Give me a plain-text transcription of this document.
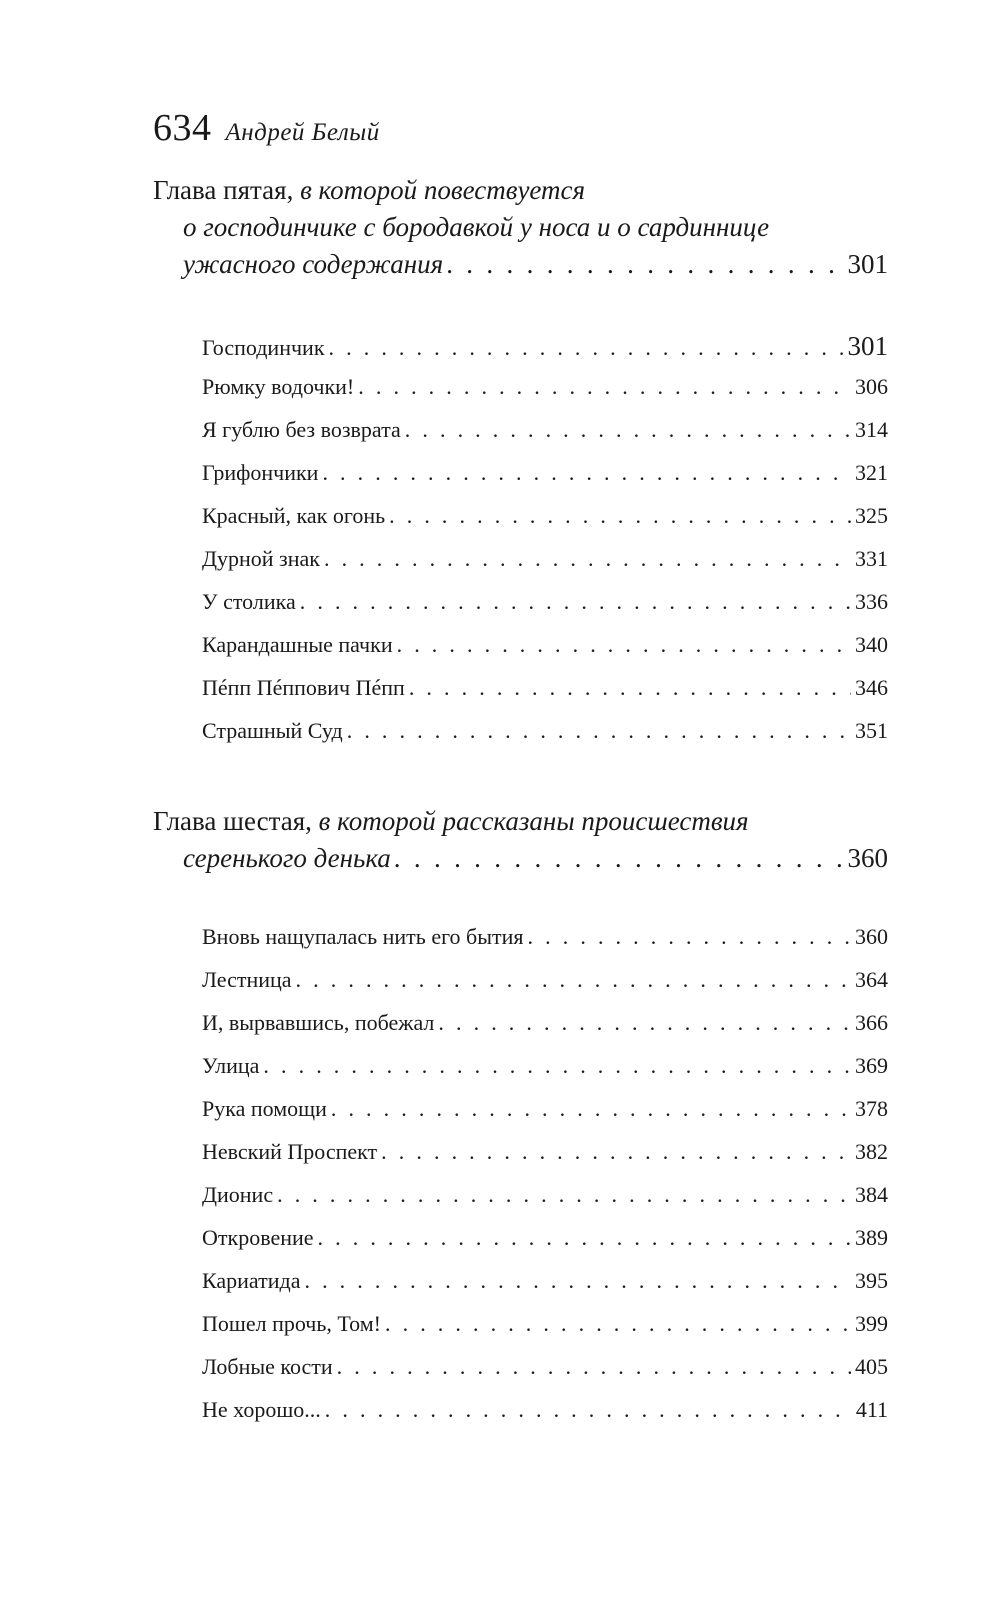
634 Андрей Белый
Глава пятая, в которой повествуется
о господинчике с бородавкой у носа и о сардиннице
ужасного содержания . . .	301
Господинчик . . .	301
Рюмку водочки! . . .	306
Я гублю без возврата . . .	314
Грифончики . . .	321
Красный, как огонь . . .	325
Дурной знак . . .	331
У столика . . .	336
Карандашные пачки . . .	340
Пéпп Пéппович Пéпп . . .	346
Страшный Суд . . .	351
Глава шестая, в которой рассказаны происшествия
серенького денька . . .	360
Вновь нащупалась нить его бытия . . .	360
Лестница . . .	364
И, вырвавшись, побежал . . .	366
Улица . . .	369
Рука помощи . . .	378
Невский Проспект . . .	382
Дионис . . .	384
Откровение . . .	389
Кариатида . . .	395
Пошел прочь, Том! . . .	399
Лобные кости . . .	405
Не хорошо... . . .	411
